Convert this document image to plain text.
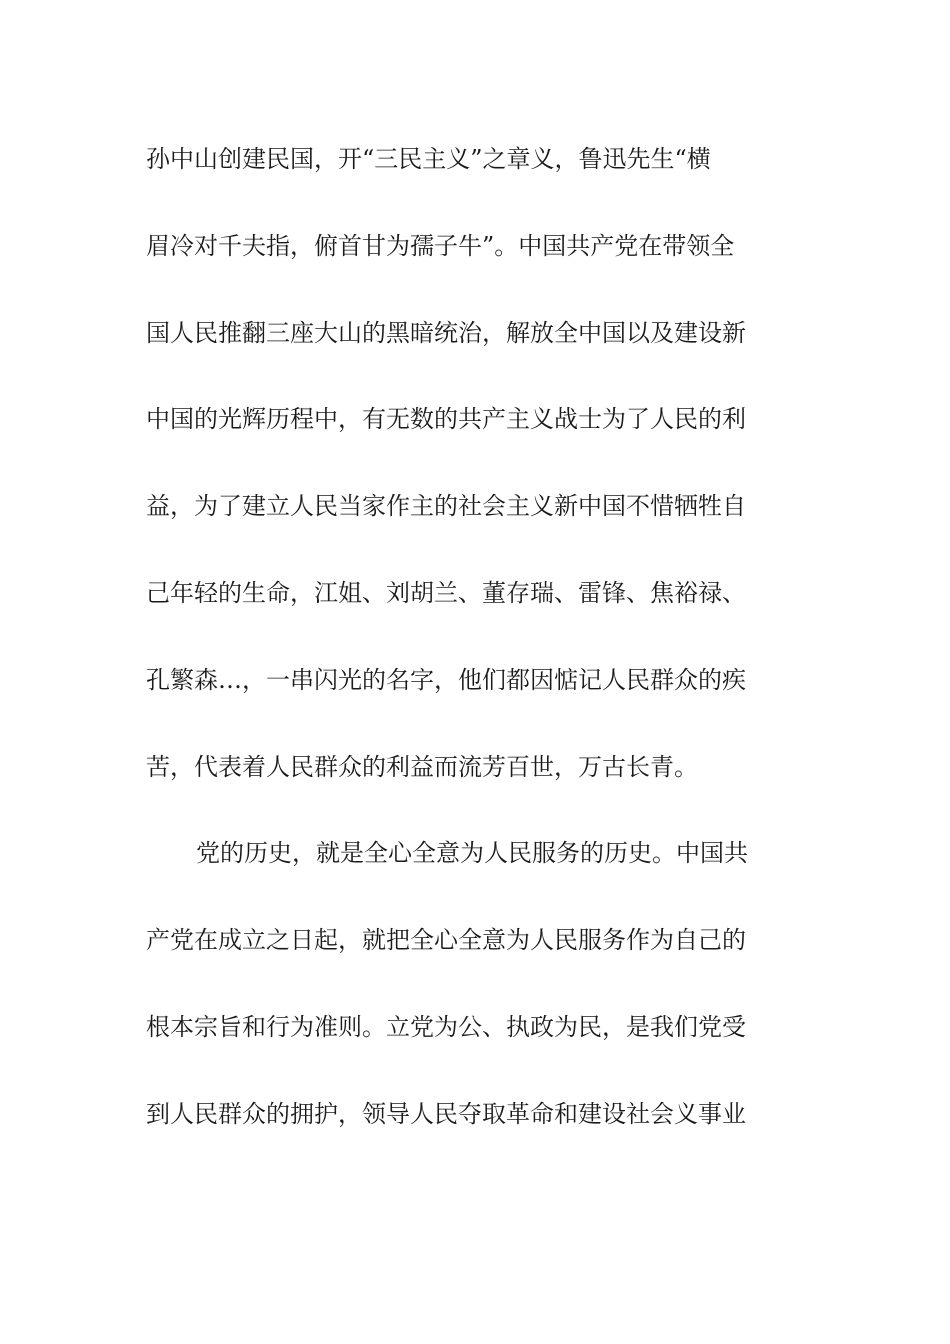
孙中山创建民国，开“三民主义”之章义，鲁迅先生“横
眉冷对千夫指，俯首甘为孺子牛”。中国共产党在带领全
国人民推翻三座大山的黑暗统治，解放全中国以及建设新
中国的光辉历程中，有无数的共产主义战士为了人民的利
益，为了建立人民当家作主的社会主义新中国不惜牺牲自
己年轻的生命，江姐、刘胡兰、董存瑞、雷锋、焦裕禄、
孔繁森…，一串闪光的名字，他们都因惦记人民群众的疾
苦，代表着人民群众的利益而流芳百世，万古长青。
党的历史，就是全心全意为人民服务的历史。中国共
产党在成立之日起，就把全心全意为人民服务作为自己的
根本宗旨和行为准则。立党为公、执政为民，是我们党受
到人民群众的拥护，领导人民夺取革命和建设社会义事业
